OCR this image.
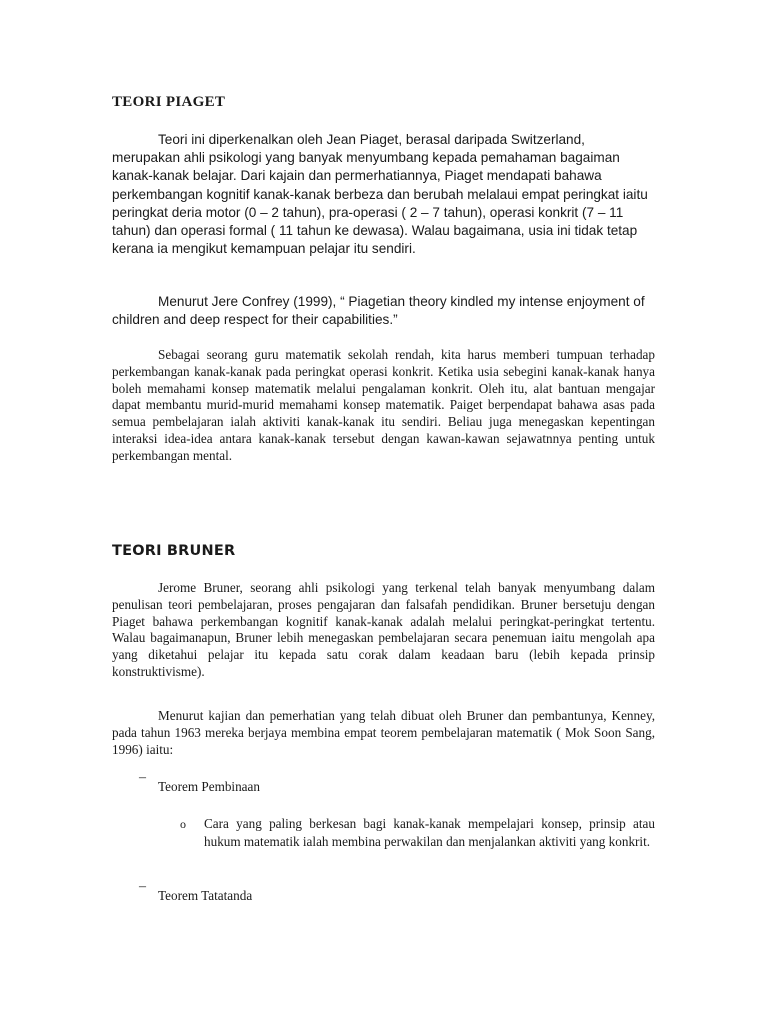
TEORI PIAGET

Teori ini diperkenalkan oleh Jean Piaget, berasal daripada Switzerland, merupakan ahli psikologi yang banyak menyumbang kepada pemahaman bagaiman kanak-kanak belajar. Dari kajain dan permerhatiannya, Piaget mendapati bahawa perkembangan kognitif kanak-kanak berbeza dan berubah melalaui empat peringkat iaitu peringkat deria motor (0 – 2 tahun), pra-operasi ( 2 – 7 tahun), operasi konkrit (7 – 11 tahun) dan operasi formal ( 11 tahun ke dewasa). Walau bagaimana, usia ini tidak tetap kerana ia mengikut kemampuan pelajar itu sendiri.

Menurut Jere Confrey (1999), “ Piagetian theory kindled my intense enjoyment of children and deep respect for their capabilities.”

Sebagai seorang guru matematik sekolah rendah, kita harus memberi tumpuan terhadap perkembangan kanak-kanak pada peringkat operasi konkrit. Ketika usia sebegini kanak-kanak hanya boleh memahami konsep matematik melalui pengalaman konkrit. Oleh itu, alat bantuan mengajar dapat membantu murid-murid memahami konsep matematik. Paiget berpendapat bahawa asas pada semua pembelajaran ialah aktiviti kanak-kanak itu sendiri. Beliau juga menegaskan kepentingan interaksi idea-idea antara kanak-kanak tersebut dengan kawan-kawan sejawatnnya penting untuk perkembangan mental.

TEORI BRUNER

Jerome Bruner, seorang ahli psikologi yang terkenal telah banyak menyumbang dalam penulisan teori pembelajaran, proses pengajaran dan falsafah pendidikan. Bruner bersetuju dengan Piaget bahawa perkembangan kognitif kanak-kanak adalah melalui peringkat-peringkat tertentu. Walau bagaimanapun, Bruner lebih menegaskan pembelajaran secara penemuan iaitu mengolah apa yang diketahui pelajar itu kepada satu corak dalam keadaan baru (lebih kepada prinsip konstruktivisme).

Menurut kajian dan pemerhatian yang telah dibuat oleh Bruner dan pembantunya, Kenney, pada tahun 1963 mereka berjaya membina empat teorem pembelajaran matematik ( Mok Soon Sang, 1996) iaitu:

–
Teorem Pembinaan
o Cara yang paling berkesan bagi kanak-kanak mempelajari konsep, prinsip atau hukum matematik ialah membina perwakilan dan menjalankan aktiviti yang konkrit.

–
Teorem Tatatanda
